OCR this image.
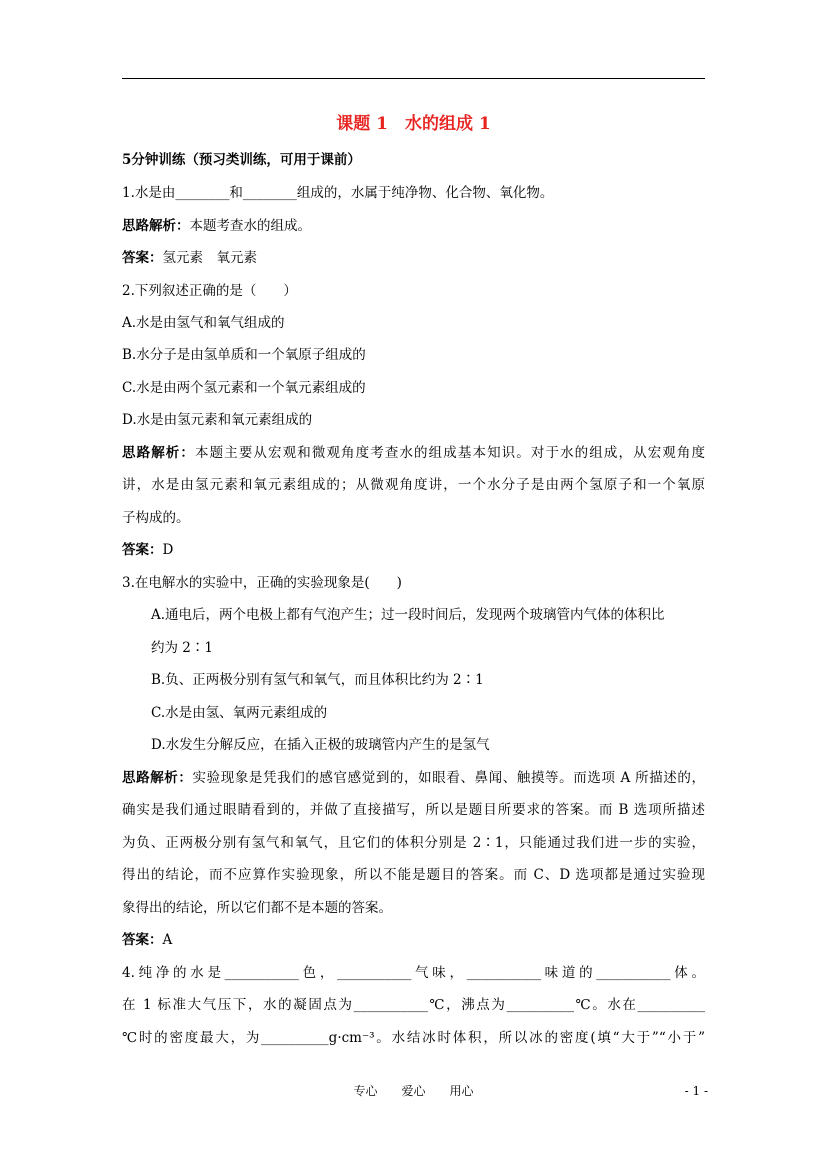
课题 1　水的组成 1
5分钟训练（预习类训练，可用于课前）
1.水是由________和________组成的，水属于纯净物、化合物、氧化物。
思路解析：本题考查水的组成。
答案：氢元素　氧元素
2.下列叙述正确的是（　　）
A.水是由氢气和氧气组成的
B.水分子是由氢单质和一个氧原子组成的
C.水是由两个氢元素和一个氧元素组成的
D.水是由氢元素和氧元素组成的
思路解析：本题主要从宏观和微观角度考查水的组成基本知识。对于水的组成，从宏观角度
讲，水是由氢元素和氧元素组成的；从微观角度讲，一个水分子是由两个氢原子和一个氧原
子构成的。
答案：D
3.在电解水的实验中，正确的实验现象是(　　)
A.通电后，两个电极上都有气泡产生；过一段时间后，发现两个玻璃管内气体的体积比
约为 2∶1
B.负、正两极分别有氢气和氧气，而且体积比约为 2∶1
C.水是由氢、氧两元素组成的
D.水发生分解反应，在插入正极的玻璃管内产生的是氢气
思路解析：实验现象是凭我们的感官感觉到的，如眼看、鼻闻、触摸等。而选项 A 所描述的，
确实是我们通过眼睛看到的，并做了直接描写，所以是题目所要求的答案。而 B 选项所描述
为负、正两极分别有氢气和氧气，且它们的体积分别是 2∶1，只能通过我们进一步的实验，
得出的结论，而不应算作实验现象，所以不能是题目的答案。而 C、D 选项都是通过实验现
象得出的结论，所以它们都不是本题的答案。
答案：A
4.纯净的水是___________色，___________气味，___________味道的___________体。
在 1 标准大气压下，水的凝固点为___________℃，沸点为__________℃。水在__________
℃时的密度最大，为__________g·cm⁻³。水结冰时体积，所以冰的密度(填“大于”“小于”
专心　　爱心　　用心	- 1 -
